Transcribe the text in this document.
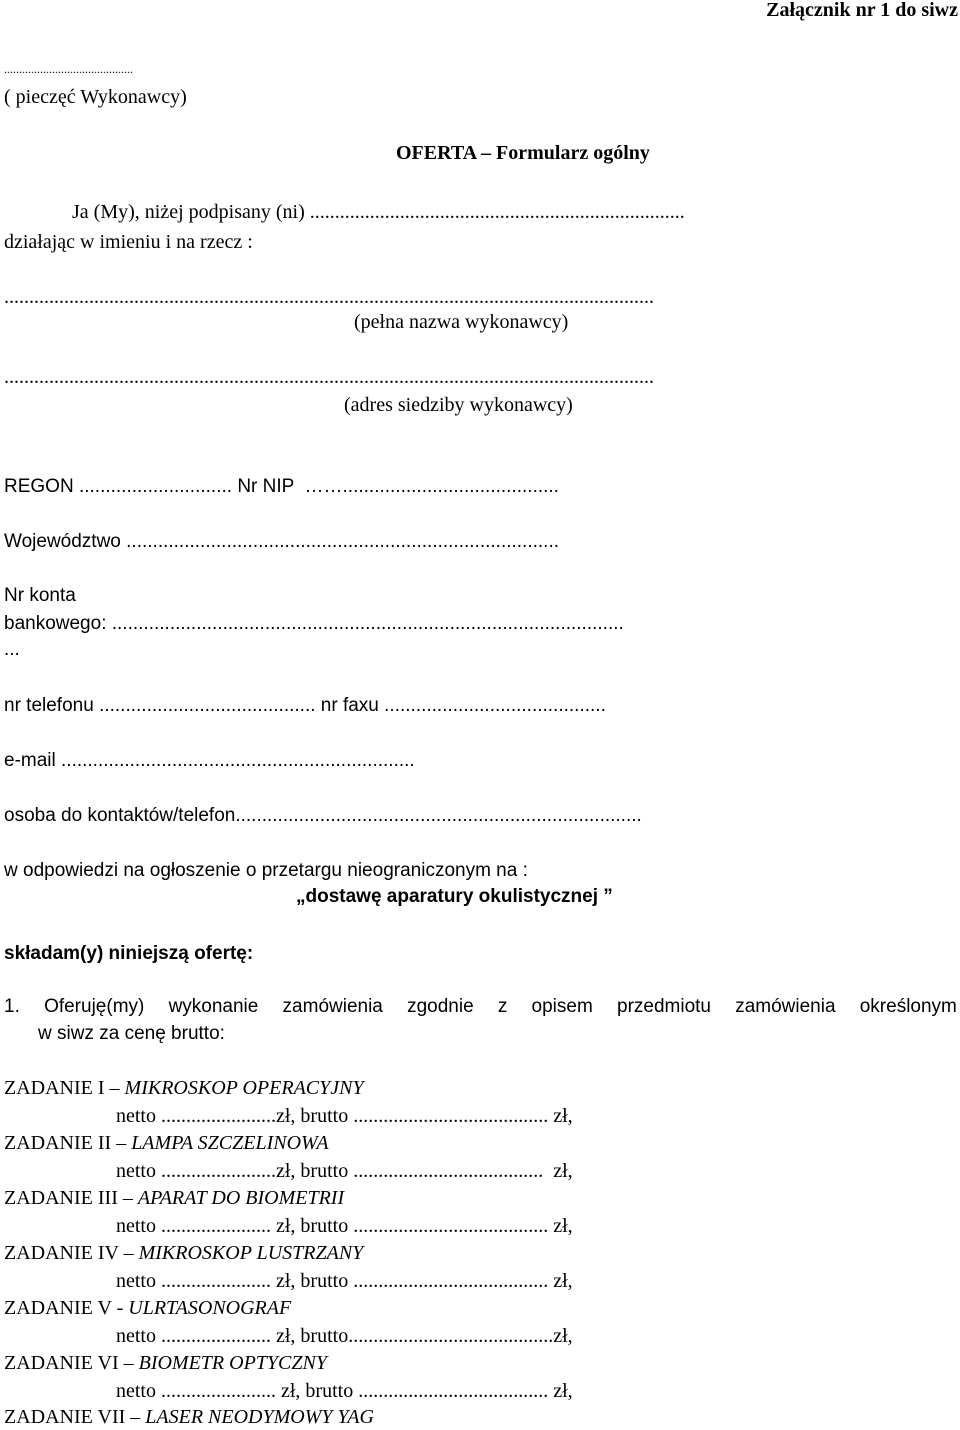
Załącznik nr 1 do siwz
...........................................
( pieczęć Wykonawcy)
OFERTA – Formularz ogólny
Ja (My), niżej podpisany (ni) ...........................................................................
działając w imieniu i na rzecz :
..................................................................................................................................
(pełna nazwa wykonawcy)
..................................................................................................................................
(adres siedziby wykonawcy)
REGON ............................. Nr NIP  …….........................................
Województwo ..................................................................................
Nr konta
bankowego: .................................................................................................
...
nr telefonu ......................................... nr faxu ..........................................
e-mail ...................................................................
osoba do kontaktów/telefon.............................................................................
w odpowiedzi na ogłoszenie o przetargu nieograniczonym na :
„dostawę aparatury okulistycznej ”
składam(y) niniejszą ofertę:
1. Oferuję(my) wykonanie zamówienia zgodnie z opisem przedmiotu zamówienia określonym
w siwz za cenę brutto:
ZADANIE I – MIKROSKOP OPERACYJNY
netto .......................zł, brutto ....................................... zł,
ZADANIE II – LAMPA SZCZELINOWA
netto .......................zł, brutto ......................................  zł,
ZADANIE III – APARAT DO BIOMETRII
netto ...................... zł, brutto ....................................... zł,
ZADANIE IV – MIKROSKOP LUSTRZANY
netto ...................... zł, brutto ....................................... zł,
ZADANIE V - ULRTASONOGRAF
netto ...................... zł, brutto.........................................zł,
ZADANIE VI – BIOMETR OPTYCZNY
netto ....................... zł, brutto ...................................... zł,
ZADANIE VII – LASER NEODYMOWY YAG
